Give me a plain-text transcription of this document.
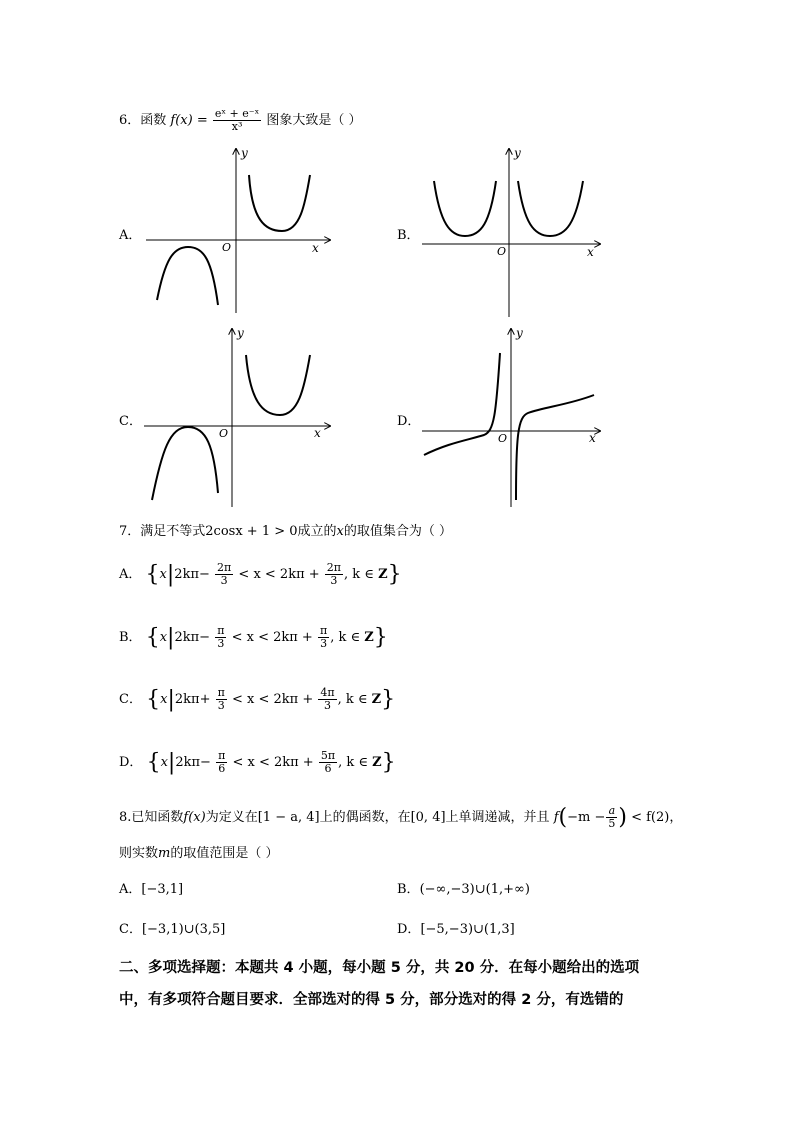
6．函数 $f(x) = \frac{\text{eˣ + e⁻ˣ}}{\text{x³}}$ 图象大致是（ ）
A．	B．
C．	D．
x
y
O	x
y
O
x
y
O	x
y
O
7．满足不等式2cosx + 1 > 0成立的x的取值集合为（ ）
A． {$x|2k\pi- \frac{2\pi}{3} < x < 2k\pi + \frac{2\pi}{3}$ , k ∈ Z}
B． {$x|2k\pi- \frac{\pi}{3} < x < 2k\pi + \frac{\pi}{3}$ , k ∈ Z}
C． {$x|2k\pi+ \frac{\pi}{3} < x < 2k\pi + \frac{4\pi}{3}$ , k ∈ Z}
D． {$x|2k\pi- \frac{\pi}{6} < x < 2k\pi + \frac{5\pi}{6}$ , k ∈ Z}
8.已知函数f(x)为定义在[1 − a, 4]上的偶函数，在[0, 4]上单调递减，并且 $f(-m - \frac{a}{5}$ ) < f(2)，
则实数m的取值范围是（ ）
A．[−3,1]	B．(−∞,−3)∪(1,+∞)
C．[−3,1)∪(3,5]	D．[−5,−3)∪(1,3]
二、多项选择题：本题共 4 小题，每小题 5 分，共 20 分．在每小题给出的选项
中，有多项符合题目要求．全部选对的得 5 分，部分选对的得 2 分，有选错的
